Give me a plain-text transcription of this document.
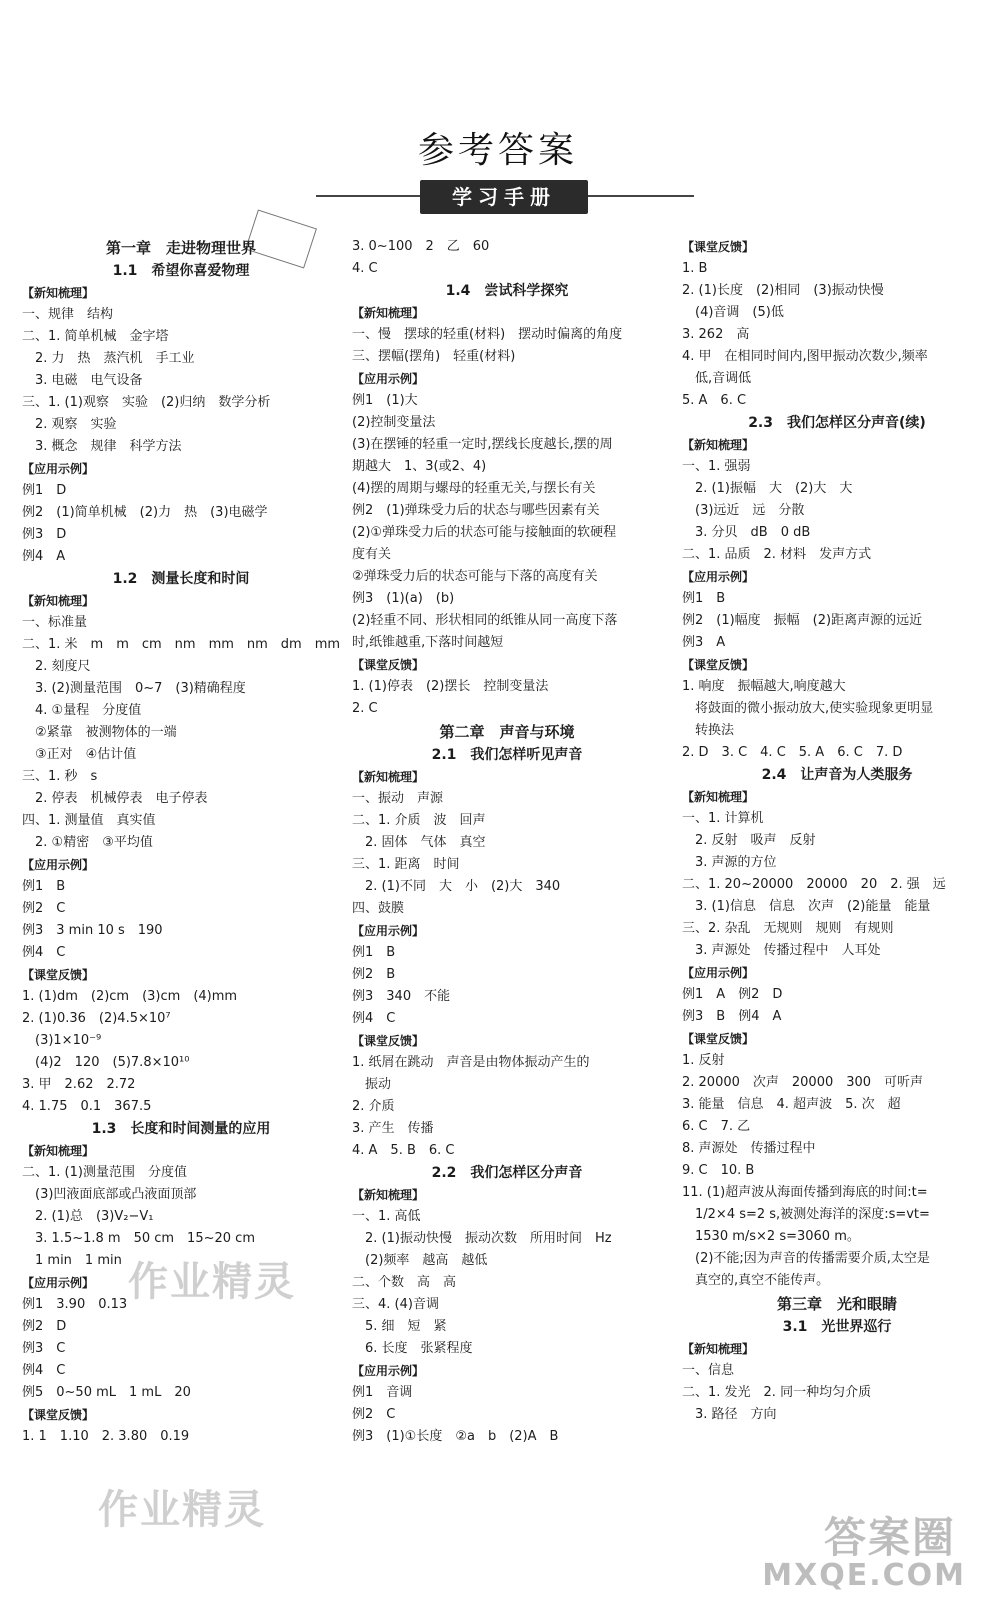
参考答案
学习手册
第一章　走进物理世界
1.1　希望你喜爱物理
【新知梳理】
一、规律　结构
二、1. 简单机械　金字塔
　2. 力　热　蒸汽机　手工业
　3. 电磁　电气设备
三、1. (1)观察　实验　(2)归纳　数学分析
　2. 观察　实验
　3. 概念　规律　科学方法
【应用示例】
例1　D
例2　(1)简单机械　(2)力　热　(3)电磁学
例3　D
例4　A
1.2　测量长度和时间
【新知梳理】
一、标准量
二、1. 米　m　m　cm　nm　mm　nm　dm　mm
　2. 刻度尺
　3. (2)测量范围　0~7　(3)精确程度
　4. ①量程　分度值
　②紧靠　被测物体的一端
　③正对　④估计值
三、1. 秒　s
　2. 停表　机械停表　电子停表
四、1. 测量值　真实值
　2. ①精密　③平均值
【应用示例】
例1　B
例2　C
例3　3 min 10 s　190
例4　C
【课堂反馈】
1. (1)dm　(2)cm　(3)cm　(4)mm
2. (1)0.36　(2)4.5×10⁷
　(3)1×10⁻⁹
　(4)2　120　(5)7.8×10¹⁰
3. 甲　2.62　2.72
4. 1.75　0.1　367.5
1.3　长度和时间测量的应用
【新知梳理】
二、1. (1)测量范围　分度值
　(3)凹液面底部或凸液面顶部
　2. (1)总　(3)V₂−V₁
　3. 1.5~1.8 m　50 cm　15~20 cm
　1 min　1 min
【应用示例】
例1　3.90　0.13
例2　D
例3　C
例4　C
例5　0~50 mL　1 mL　20
【课堂反馈】
1. 1　1.10　2. 3.80　0.19
3. 0~100　2　乙　60
4. C
1.4　尝试科学探究
【新知梳理】
一、慢　摆球的轻重(材料)　摆动时偏离的角度
三、摆幅(摆角)　轻重(材料)
【应用示例】
例1　(1)大
(2)控制变量法
(3)在摆锤的轻重一定时,摆线长度越长,摆的周
期越大　1、3(或2、4)
(4)摆的周期与螺母的轻重无关,与摆长有关
例2　(1)弹珠受力后的状态与哪些因素有关
(2)①弹珠受力后的状态可能与接触面的软硬程
度有关
②弹珠受力后的状态可能与下落的高度有关
例3　(1)(a)　(b)
(2)轻重不同、形状相同的纸锥从同一高度下落
时,纸锥越重,下落时间越短
【课堂反馈】
1. (1)停表　(2)摆长　控制变量法
2. C
第二章　声音与环境
2.1　我们怎样听见声音
【新知梳理】
一、振动　声源
二、1. 介质　波　回声
　2. 固体　气体　真空
三、1. 距离　时间
　2. (1)不同　大　小　(2)大　340
四、鼓膜
【应用示例】
例1　B
例2　B
例3　340　不能
例4　C
【课堂反馈】
1. 纸屑在跳动　声音是由物体振动产生的
　振动
2. 介质
3. 产生　传播
4. A　5. B　6. C
2.2　我们怎样区分声音
【新知梳理】
一、1. 高低
　2. (1)振动快慢　振动次数　所用时间　Hz
　(2)频率　越高　越低
二、个数　高　高
三、4. (4)音调
　5. 细　短　紧
　6. 长度　张紧程度
【应用示例】
例1　音调
例2　C
例3　(1)①长度　②a　b　(2)A　B
【课堂反馈】
1. B
2. (1)长度　(2)相同　(3)振动快慢
　(4)音调　(5)低
3. 262　高
4. 甲　在相同时间内,图甲振动次数少,频率
　低,音调低
5. A　6. C
2.3　我们怎样区分声音(续)
【新知梳理】
一、1. 强弱
　2. (1)振幅　大　(2)大　大
　(3)远近　远　分散
　3. 分贝　dB　0 dB
二、1. 品质　2. 材料　发声方式
【应用示例】
例1　B
例2　(1)幅度　振幅　(2)距离声源的远近
例3　A
【课堂反馈】
1. 响度　振幅越大,响度越大
　将鼓面的微小振动放大,使实验现象更明显
　转换法
2. D　3. C　4. C　5. A　6. C　7. D
2.4　让声音为人类服务
【新知梳理】
一、1. 计算机
　2. 反射　吸声　反射
　3. 声源的方位
二、1. 20~20000　20000　20　2. 强　远
　3. (1)信息　信息　次声　(2)能量　能量
三、2. 杂乱　无规则　规则　有规则
　3. 声源处　传播过程中　人耳处
【应用示例】
例1　A　例2　D
例3　B　例4　A
【课堂反馈】
1. 反射
2. 20000　次声　20000　300　可听声
3. 能量　信息　4. 超声波　5. 次　超
6. C　7. 乙
8. 声源处　传播过程中
9. C　10. B
11. (1)超声波从海面传播到海底的时间:t=
　1/2×4 s=2 s,被测处海洋的深度:s=vt=
　1530 m/s×2 s=3060 m。
　(2)不能;因为声音的传播需要介质,太空是
　真空的,真空不能传声。
第三章　光和眼睛
3.1　光世界巡行
【新知梳理】
一、信息
二、1. 发光　2. 同一种均匀介质
　3. 路径　方向
作业精灵
作业精灵
答案圈
MXQE.COM
